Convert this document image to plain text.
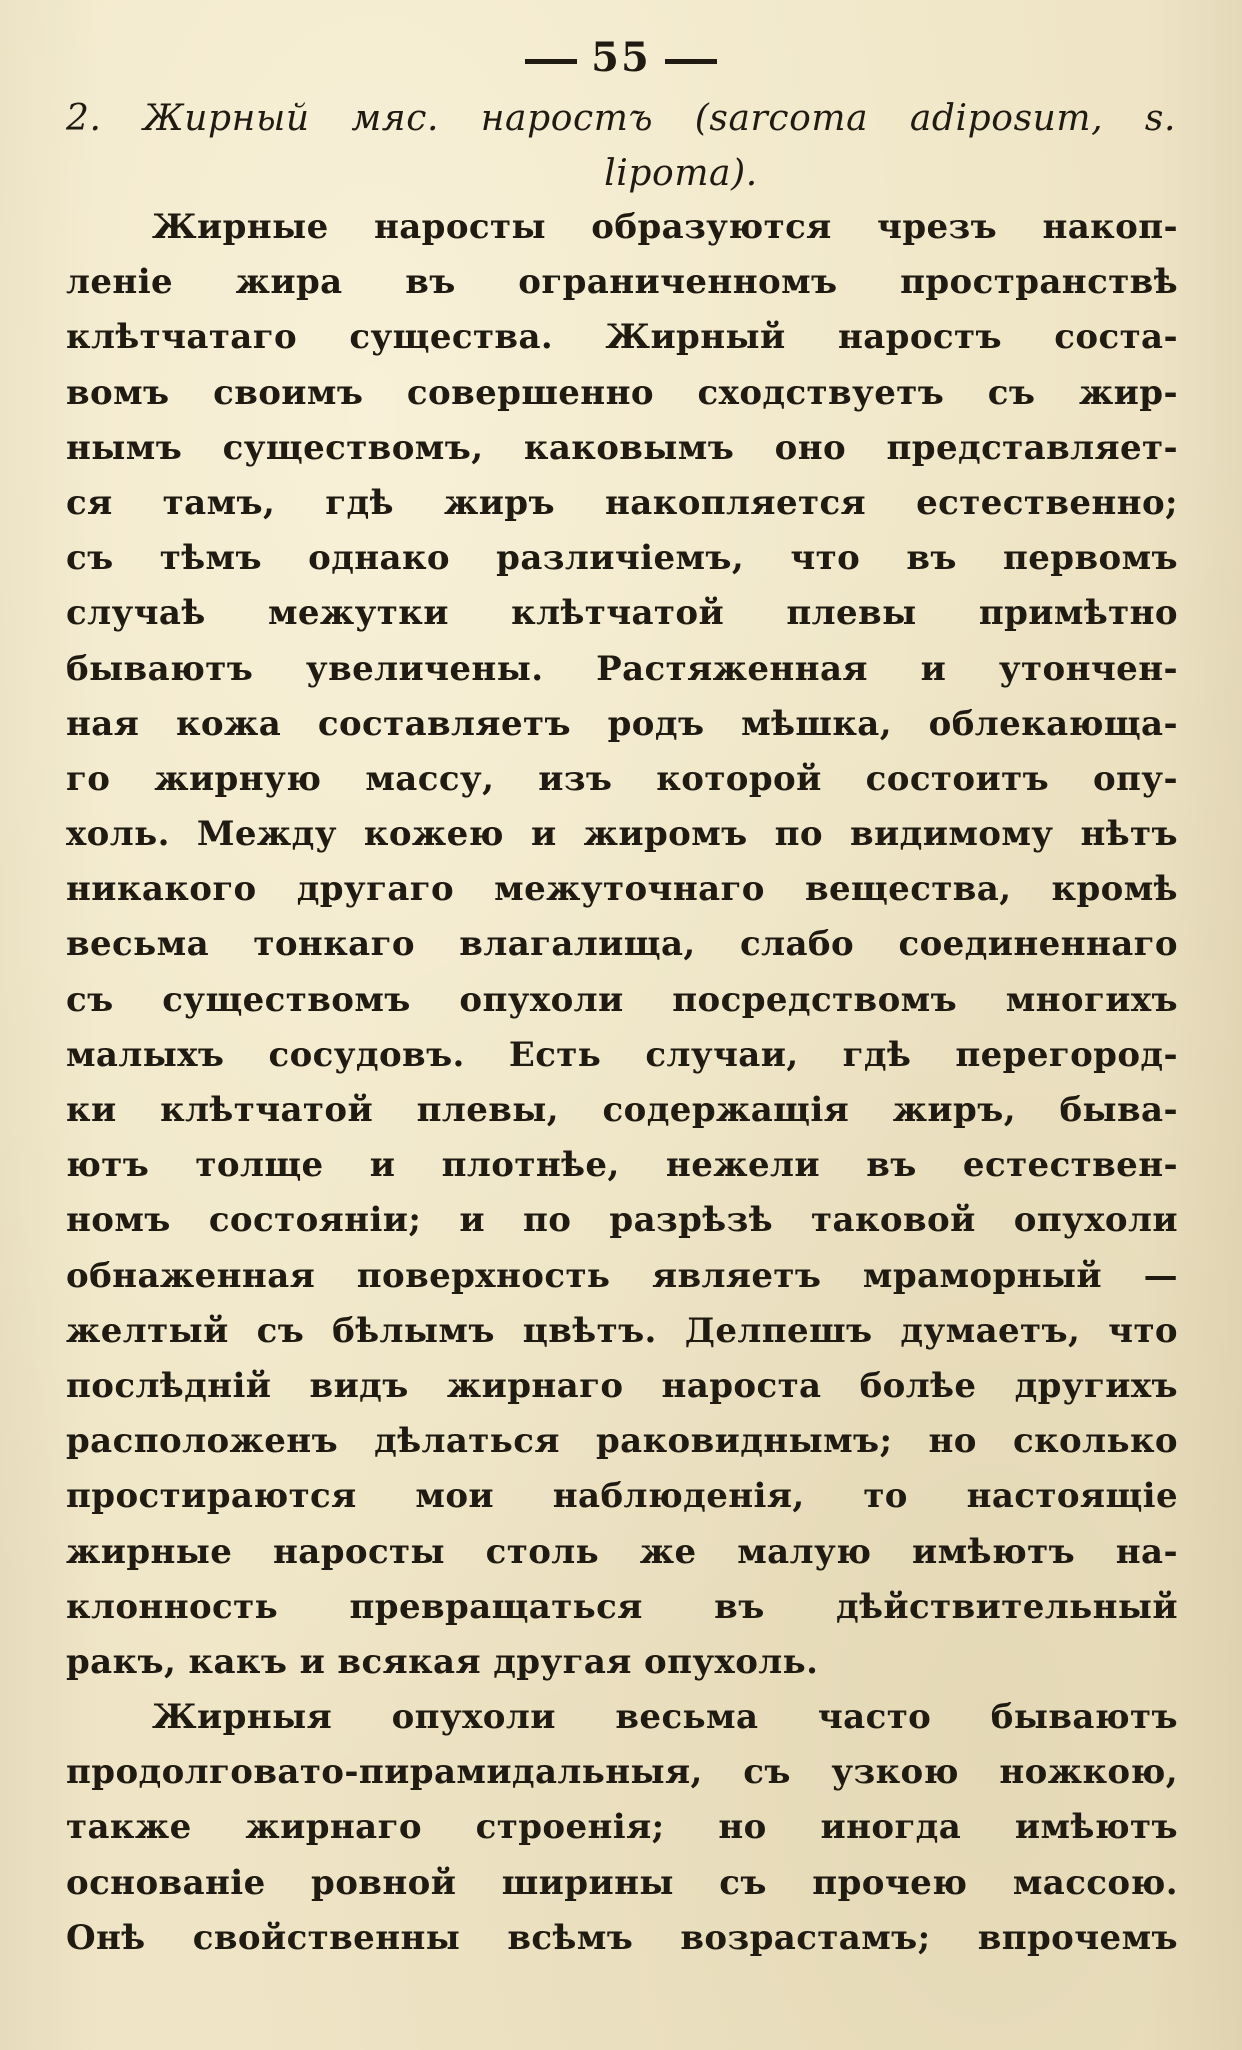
55
2. Жирный мяс. наростъ (sarcoma adiposum, s.
lipoma).
Жирные наросты образуются чрезъ накоп-
леніе жира въ ограниченномъ пространствѣ
клѣтчатаго существа. Жирный наростъ соста-
вомъ своимъ совершенно сходствуетъ съ жир-
нымъ существомъ, каковымъ оно представляет-
ся тамъ, гдѣ жиръ накопляется естественно;
съ тѣмъ однако различіемъ, что въ первомъ
случаѣ межутки клѣтчатой плевы примѣтно
бываютъ увеличены. Растяженная и утончен-
ная кожа составляетъ родъ мѣшка, облекающа-
го жирную массу, изъ которой состоитъ опу-
холь. Между кожею и жиромъ по видимому нѣтъ
никакого другаго межуточнаго вещества, кромѣ
весьма тонкаго влагалища, слабо соединеннаго
съ существомъ опухоли посредствомъ многихъ
малыхъ сосудовъ. Есть случаи, гдѣ перегород-
ки клѣтчатой плевы, содержащія жиръ, быва-
ютъ толще и плотнѣе, нежели въ естествен-
номъ состояніи; и по разрѣзѣ таковой опухоли
обнаженная поверхность являетъ мраморный —
желтый съ бѣлымъ цвѣтъ. Делпешъ думаетъ, что
послѣдній видъ жирнаго нароста болѣе другихъ
расположенъ дѣлаться раковиднымъ; но сколько
простираются мои наблюденія, то настоящіе
жирные наросты столь же малую имѣютъ на-
клонность превращаться въ дѣйствительный
ракъ, какъ и всякая другая опухоль.
Жирныя опухоли весьма часто бываютъ
продолговато-пирамидальныя, съ узкою ножкою,
также жирнаго строенія; но иногда имѣютъ
основаніе ровной ширины съ прочею массою.
Онѣ свойственны всѣмъ возрастамъ; впрочемъ
